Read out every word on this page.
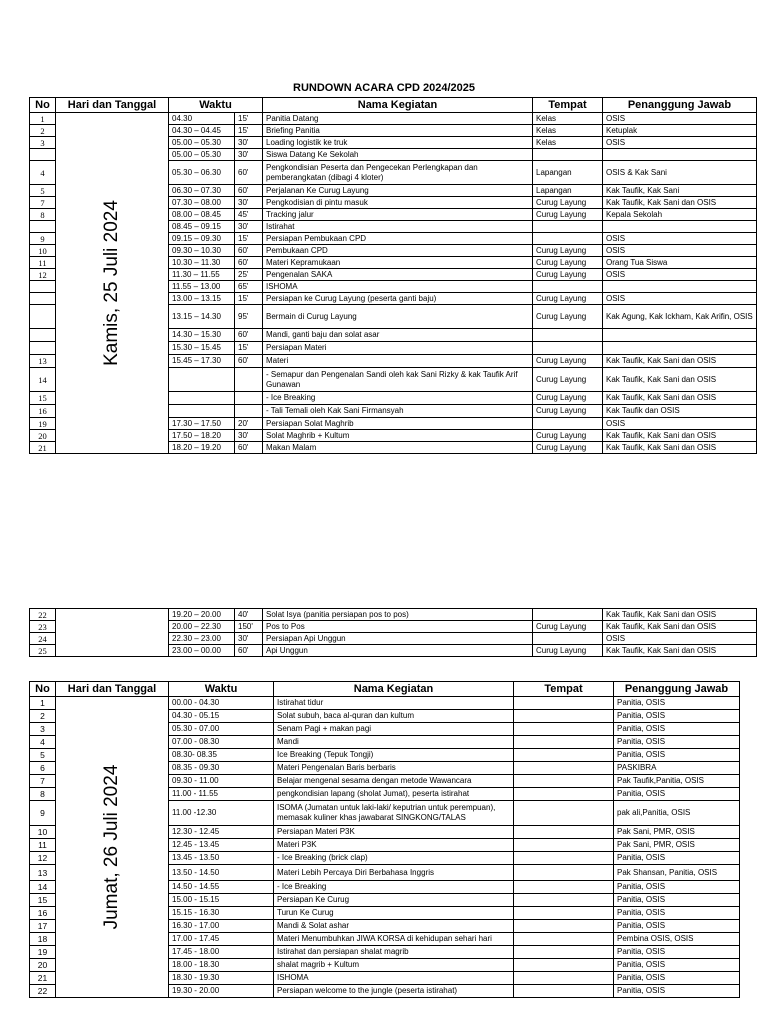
RUNDOWN ACARA CPD 2024/2025
No	Hari dan Tanggal	Waktu		Nama Kegiatan	Tempat	Penanggung Jawab
1	Kamis, 25 Juli 2024	04.30	15'	Panitia Datang	Kelas	OSIS
2		04.30 – 04.45	15'	Briefing Panitia	Kelas	Ketuplak
3		05.00 – 05.30	30'	Loading logistik ke truk	Kelas	OSIS
		05.00 – 05.30	30'	Siswa Datang Ke Sekolah		
4		05.30 – 06.30	60'	Pengkondisian Peserta dan Pengecekan Perlengkapan dan pemberangkatan (dibagi 4 kloter)	Lapangan	OSIS & Kak Sani
5		06.30 – 07.30	60'	Perjalanan Ke Curug Layung	Lapangan	Kak Taufik, Kak Sani
7		07.30 – 08.00	30'	Pengkodisian di pintu masuk	Curug Layung	Kak Taufik, Kak Sani dan OSIS
8		08.00 – 08.45	45'	Tracking jalur	Curug Layung	Kepala Sekolah
		08.45 – 09.15	30'	Istirahat		
9		09.15 – 09.30	15'	Persiapan Pembukaan CPD		OSIS
10		09.30 – 10.30	60'	Pembukaan CPD	Curug Layung	OSIS
11		10.30 – 11.30	60'	Materi Kepramukaan	Curug Layung	Orang Tua Siswa
12		11.30 – 11.55	25'	Pengenalan SAKA	Curug Layung	OSIS
		11.55 – 13.00	65'	ISHOMA		
		13.00 – 13.15	15'	Persiapan ke Curug Layung (peserta ganti baju)	Curug Layung	OSIS
		13.15 – 14.30	95'	Bermain di Curug Layung	Curug Layung	Kak Agung, Kak Ickham, Kak Arifin, OSIS
		14.30 – 15.30	60'	Mandi, ganti baju dan solat asar		
		15.30 – 15.45	15'	Persiapan Materi		
13		15.45 – 17.30	60'	Materi	Curug Layung	Kak Taufik, Kak Sani dan OSIS
14				- Semapur dan Pengenalan Sandi oleh kak Sani Rizky & kak Taufik Arif Gunawan	Curug Layung	Kak Taufik, Kak Sani dan OSIS
15				- Ice Breaking	Curug Layung	Kak Taufik, Kak Sani dan OSIS
16				- Tali Temali oleh Kak Sani Firmansyah	Curug Layung	Kak Taufik dan OSIS
19		17.30 – 17.50	20'	Persiapan Solat Maghrib		OSIS
20		17.50 – 18.20	30'	Solat Maghrib + Kultum	Curug Layung	Kak Taufik, Kak Sani dan OSIS
21		18.20 – 19.20	60'	Makan Malam	Curug Layung	Kak Taufik, Kak Sani dan OSIS
22		19.20 – 20.00	40'	Solat Isya (panitia persiapan pos to pos)		Kak Taufik, Kak Sani dan OSIS
23		20.00 – 22.30	150'	Pos to Pos	Curug Layung	Kak Taufik, Kak Sani dan OSIS
24		22.30 – 23.00	30'	Persiapan Api Unggun		OSIS
25		23.00 – 00.00	60'	Api Unggun	Curug Layung	Kak Taufik, Kak Sani dan OSIS
No	Hari dan Tanggal	Waktu	Nama Kegiatan	Tempat	Penanggung Jawab
1	Jumat, 26 Juli 2024	00.00 - 04.30	Istirahat tidur		Panitia, OSIS
2		04.30 - 05.15	Solat subuh, baca al-quran dan kultum		Panitia, OSIS
3		05.30 - 07.00	Senam Pagi + makan pagi		Panitia, OSIS
4		07.00 - 08.30	Mandi		Panitia, OSIS
5		08.30- 08.35	Ice Breaking (Tepuk Tongji)		Panitia, OSIS
6		08.35 - 09.30	Materi Pengenalan Baris berbaris		PASKIBRA
7		09.30 - 11.00	Belajar mengenal sesama dengan metode Wawancara		Pak Taufik,Panitia, OSIS
8		11.00 - 11.55	pengkondisian lapang (sholat Jumat), peserta istirahat		Panitia, OSIS
9		11.00 -12.30	ISOMA (Jumatan untuk laki-laki/ keputrian untuk perempuan), memasak kuliner khas jawabarat SINGKONG/TALAS		pak ali,Panitia, OSIS
10		12.30 - 12.45	Persiapan Materi P3K		Pak Sani, PMR, OSIS
11		12.45 - 13.45	Materi P3K		Pak Sani, PMR, OSIS
12		13.45 - 13.50	- Ice Breaking (brick clap)		Panitia, OSIS
13		13.50 - 14.50	Materi Lebih Percaya Diri Berbahasa Inggris		Pak Shansan, Panitia, OSIS
14		14.50 - 14.55	- Ice Breaking		Panitia, OSIS
15		15.00 - 15.15	Persiapan Ke Curug		Panitia, OSIS
16		15.15 - 16.30	Turun Ke Curug		Panitia, OSIS
17		16.30 - 17.00	Mandi & Solat ashar		Panitia, OSIS
18		17.00 - 17.45	Materi Menumbuhkan JIWA KORSA di kehidupan sehari hari		Pembina OSIS, OSIS
19		17.45 - 18.00	Istirahat dan persiapan shalat magrib		Panitia, OSIS
20		18.00 - 18.30	shalat magrib + Kultum		Panitia, OSIS
21		18.30 - 19.30	ISHOMA		Panitia, OSIS
22		19.30 - 20.00	Persiapan welcome to the jungle (peserta istirahat)		Panitia, OSIS
